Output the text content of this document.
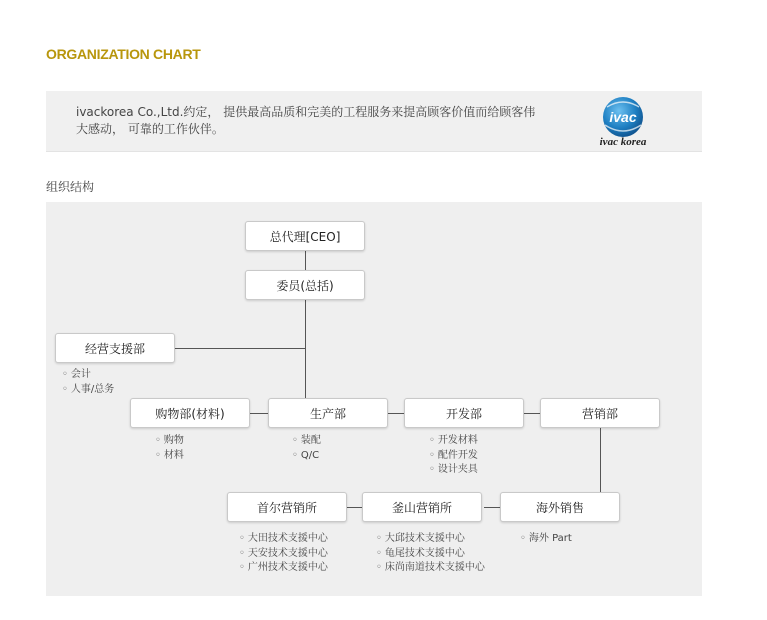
ORGANIZATION CHART
ivackorea Co.,Ltd.约定， 提供最高品质和完美的工程服务来提高顾客价值而给顾客伟大感动， 可靠的工作伙伴。
ivac
ivac korea
组织结构
总代理[CEO]
委员(总括)
经营支援部
购物部(材料)	生产部	开发部	营销部
首尔营销所	釜山营销所	海外销售
◦ 会计
◦ 人事/总务
◦ 购物
◦ 材料
◦ 装配
◦ Q/C
◦ 开发材料
◦ 配件开发
◦ 设计夹具
◦ 大田技术支援中心
◦ 天安技术支援中心
◦ 广州技术支援中心
◦ 大邱技术支援中心
◦ 龟尾技术支援中心
◦ 床尚南道技术支援中心
◦ 海外 Part
